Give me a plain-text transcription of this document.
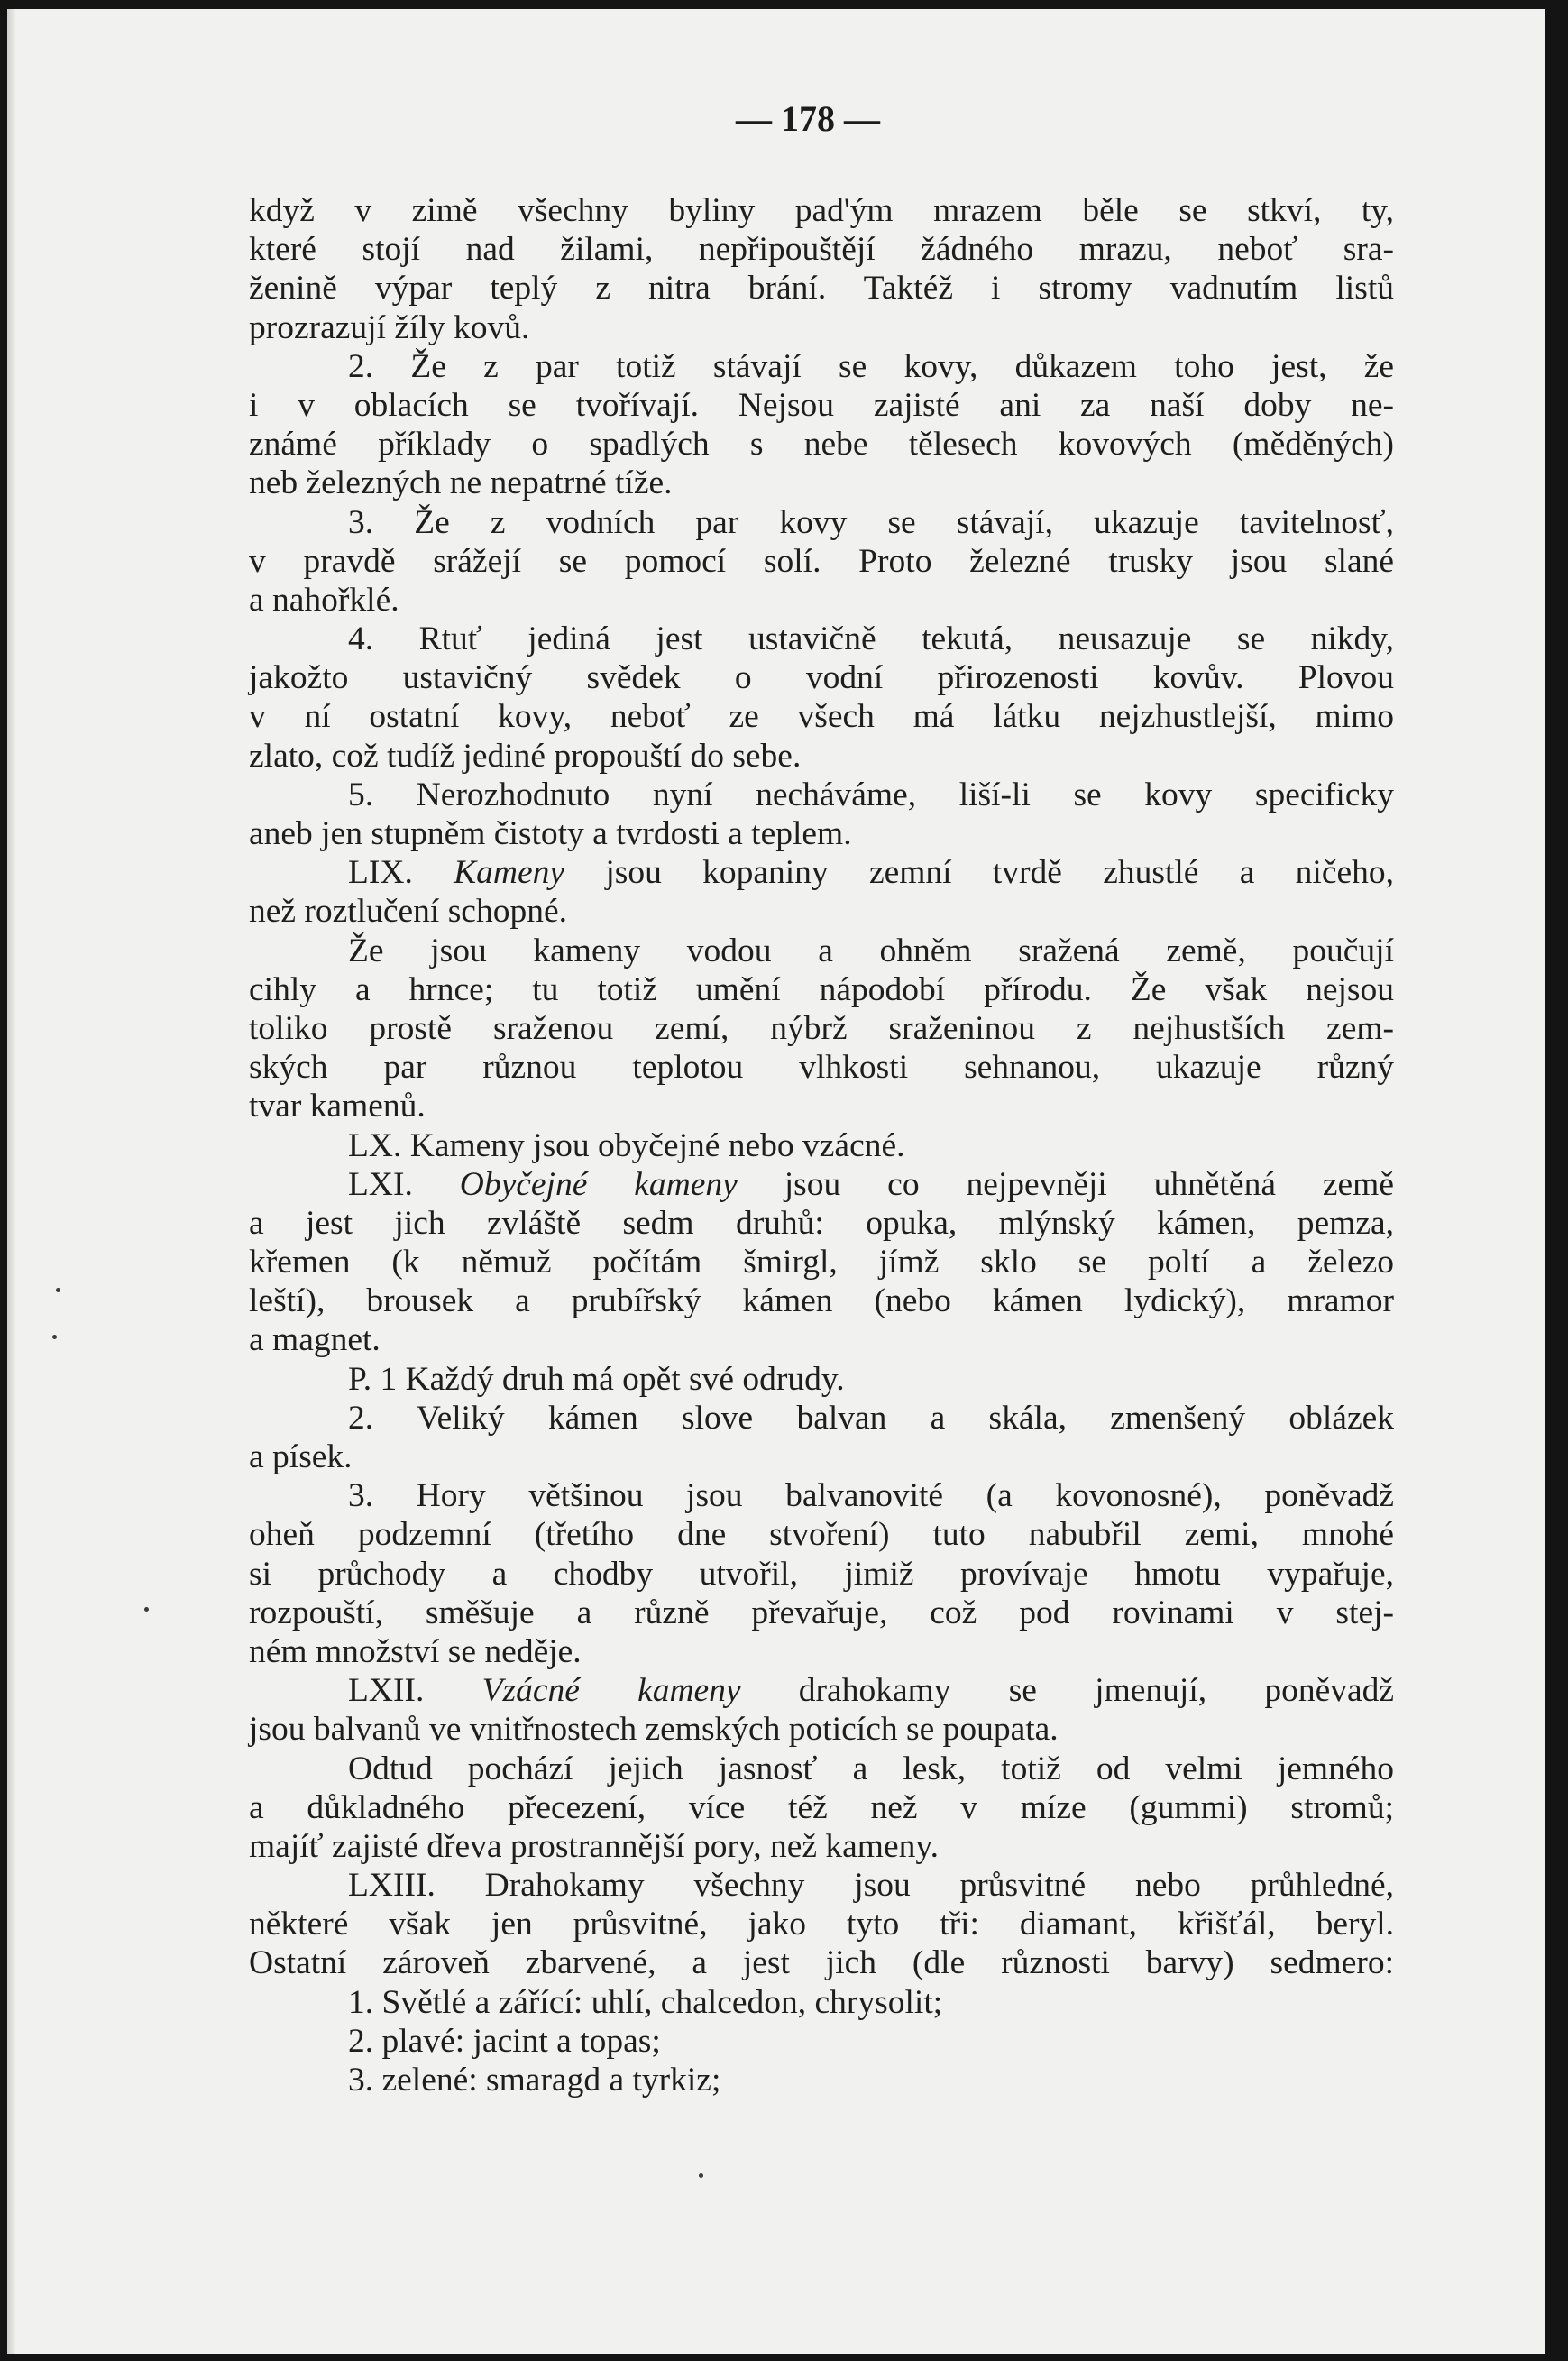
— 178 —
když v zimě všechny byliny pad'ým mrazem běle se stkví, ty,
které stojí nad žilami, nepřipouštějí žádného mrazu, neboť sra-
ženině výpar teplý z nitra brání. Taktéž i stromy vadnutím listů
prozrazují žíly kovů.
2. Že z par totiž stávají se kovy, důkazem toho jest, že
i v oblacích se tvořívají. Nejsou zajisté ani za naší doby ne-
známé příklady o spadlých s nebe tělesech kovových (měděných)
neb železných ne nepatrné tíže.
3. Že z vodních par kovy se stávají, ukazuje tavitelnosť,
v pravdě srážejí se pomocí solí. Proto železné trusky jsou slané
a nahořklé.
4. Rtuť jediná jest ustavičně tekutá, neusazuje se nikdy,
jakožto ustavičný svědek o vodní přirozenosti kovův. Plovou
v ní ostatní kovy, neboť ze všech má látku nejzhustlejší, mimo
zlato, což tudíž jediné propouští do sebe.
5. Nerozhodnuto nyní necháváme, liší-li se kovy specificky
aneb jen stupněm čistoty a tvrdosti a teplem.
LIX. Kameny jsou kopaniny zemní tvrdě zhustlé a ničeho,
než roztlučení schopné.
Že jsou kameny vodou a ohněm sražená země, poučují
cihly a hrnce; tu totiž umění nápodobí přírodu. Že však nejsou
toliko prostě sraženou zemí, nýbrž sraženinou z nejhustších zem-
ských par různou teplotou vlhkosti sehnanou, ukazuje různý
tvar kamenů.
LX. Kameny jsou obyčejné nebo vzácné.
LXI. Obyčejné kameny jsou co nejpevněji uhnětěná země
a jest jich zvláště sedm druhů: opuka, mlýnský kámen, pemza,
křemen (k němuž počítám šmirgl, jímž sklo se poltí a železo
leští), brousek a prubířský kámen (nebo kámen lydický), mramor
a magnet.
P. 1 Každý druh má opět své odrudy.
2. Veliký kámen slove balvan a skála, zmenšený oblázek
a písek.
3. Hory většinou jsou balvanovité (a kovonosné), poněvadž
oheň podzemní (třetího dne stvoření) tuto nabubřil zemi, mnohé
si průchody a chodby utvořil, jimiž provívaje hmotu vypařuje,
rozpouští, směšuje a různě převařuje, což pod rovinami v stej-
ném množství se neděje.
LXII. Vzácné kameny drahokamy se jmenují, poněvadž
jsou balvanů ve vnitřnostech zemských poticích se poupata.
Odtud pochází jejich jasnosť a lesk, totiž od velmi jemného
a důkladného přecezení, více též než v míze (gummi) stromů;
majíť zajisté dřeva prostrannější pory, než kameny.
LXIII. Drahokamy všechny jsou průsvitné nebo průhledné,
některé však jen průsvitné, jako tyto tři: diamant, křišťál, beryl.
Ostatní zároveň zbarvené, a jest jich (dle různosti barvy) sedmero:
1. Světlé a zářící: uhlí, chalcedon, chrysolit;
2. plavé: jacint a topas;
3. zelené: smaragd a tyrkiz;
